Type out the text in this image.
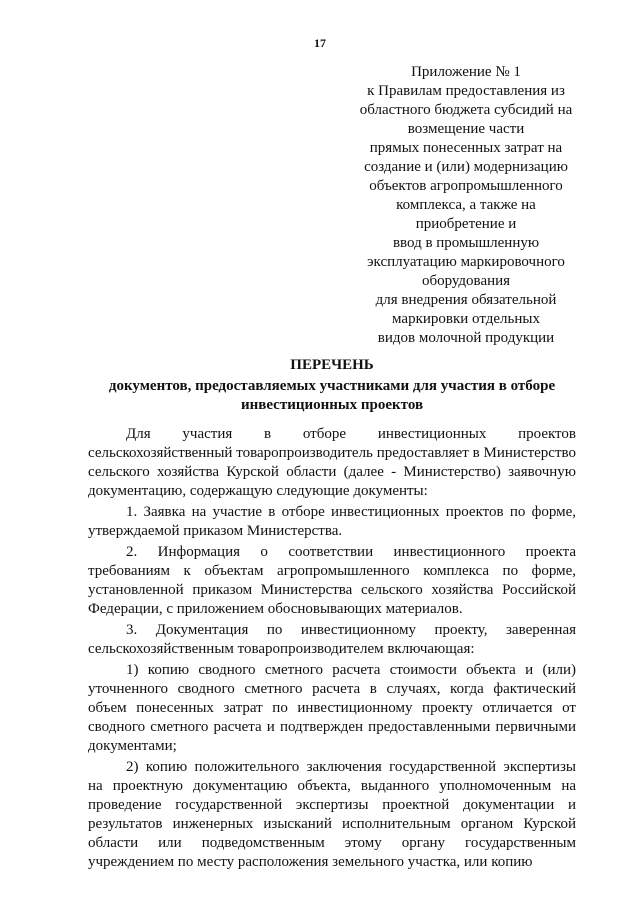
17
Приложение № 1
к Правилам предоставления из
областного бюджета субсидий на
возмещение части
прямых понесенных затрат на
создание и (или) модернизацию
объектов агропромышленного
комплекса, а также на
приобретение и
ввод в промышленную
эксплуатацию маркировочного
оборудования
для внедрения обязательной
маркировки отдельных
видов молочной продукции
ПЕРЕЧЕНЬ
документов, предоставляемых участниками для участия в отборе инвестиционных проектов

Для участия в отборе инвестиционных проектов сельскохозяйственный товаропроизводитель предоставляет в Министерство сельского хозяйства Курской области (далее - Министерство) заявочную документацию, содержащую следующие документы:

1. Заявка на участие в отборе инвестиционных проектов по форме, утверждаемой приказом Министерства.

2. Информация о соответствии инвестиционного проекта требованиям к объектам агропромышленного комплекса по форме, установленной приказом Министерства сельского хозяйства Российской Федерации, с приложением обосновывающих материалов.

3. Документация по инвестиционному проекту, заверенная сельскохозяйственным товаропроизводителем включающая:

1) копию сводного сметного расчета стоимости объекта и (или) уточненного сводного сметного расчета в случаях, когда фактический объем понесенных затрат по инвестиционному проекту отличается от сводного сметного расчета и подтвержден предоставленными первичными документами;

2) копию положительного заключения государственной экспертизы на проектную документацию объекта, выданного уполномоченным на проведение государственной экспертизы проектной документации и результатов инженерных изысканий исполнительным органом Курской области или подведомственным этому органу государственным учреждением по месту расположения земельного участка, или копию
